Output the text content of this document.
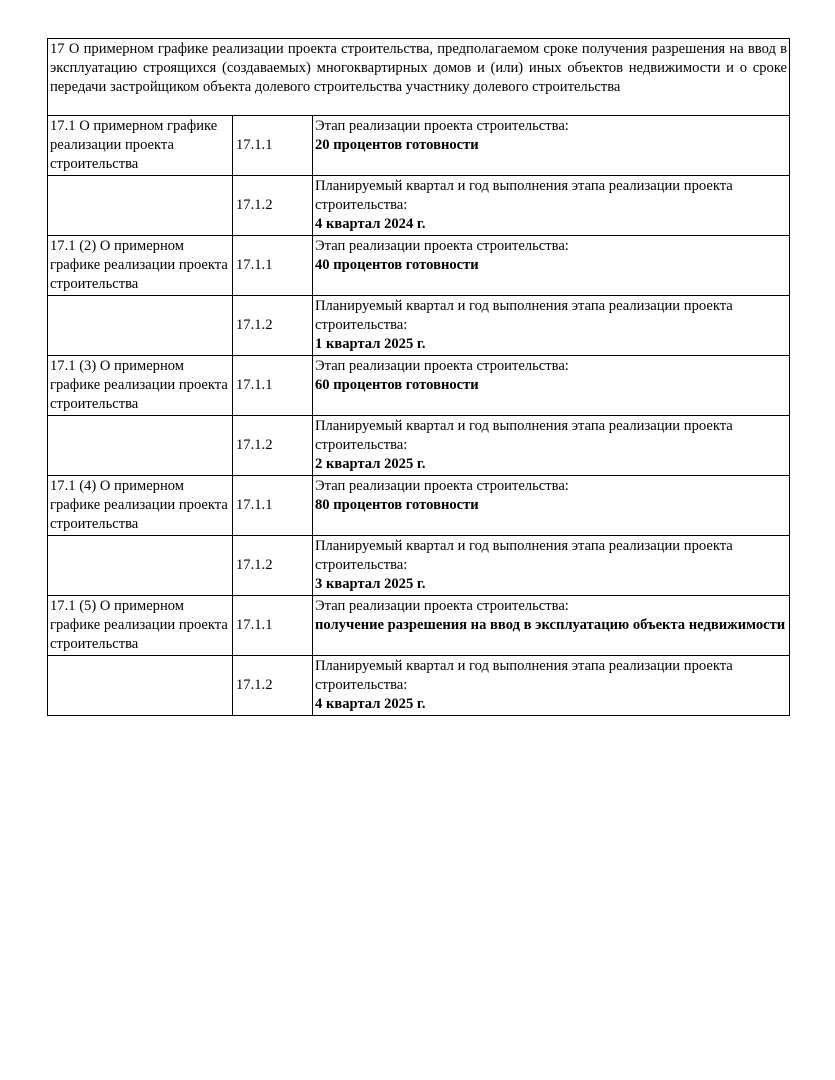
17 О примерном графике реализации проекта строительства, предполагаемом сроке получения разрешения на ввод в эксплуатацию строящихся (создаваемых) многоквартирных домов и (или) иных объектов недвижимости и о сроке передачи застройщиком объекта долевого строительства участнику долевого строительства		
17.1 О примерном графике реализации проекта строительства	17.1.1	Этап реализации проекта строительства:
20 процентов готовности

	17.1.2	Планируемый квартал и год выполнения этапа реализации проекта строительства:
4 квартал 2024 г.

17.1 (2) О примерном графике реализации проекта строительства	17.1.1	Этап реализации проекта строительства:
40 процентов готовности

	17.1.2	Планируемый квартал и год выполнения этапа реализации проекта строительства:
1 квартал 2025 г.

17.1 (3) О примерном графике реализации проекта строительства	17.1.1	Этап реализации проекта строительства:
60 процентов готовности

	17.1.2	Планируемый квартал и год выполнения этапа реализации проекта строительства:
2 квартал 2025 г.

17.1 (4) О примерном графике реализации проекта строительства	17.1.1	Этап реализации проекта строительства:
80 процентов готовности

	17.1.2	Планируемый квартал и год выполнения этапа реализации проекта строительства:
3 квартал 2025 г.

17.1 (5) О примерном графике реализации проекта строительства	17.1.1	Этап реализации проекта строительства:
получение разрешения на ввод в эксплуатацию объекта недвижимости

	17.1.2	Планируемый квартал и год выполнения этапа реализации проекта строительства:
4 квартал 2025 г.
